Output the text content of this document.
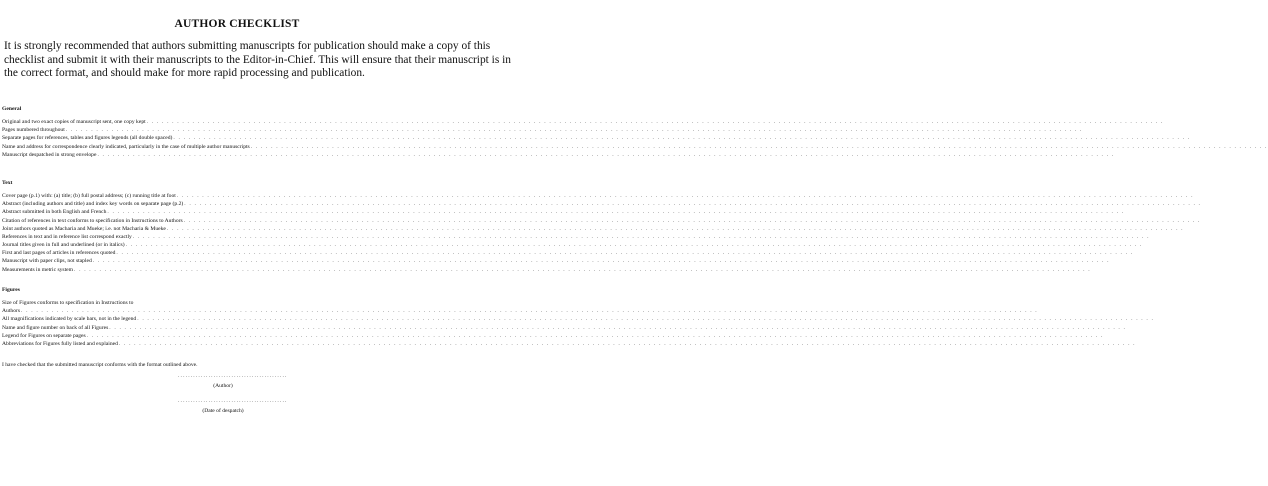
AUTHOR CHECKLIST
It is strongly recommended that authors submitting manuscripts for publication should make a copy of this
checklist and submit it with their manuscripts to the Editor-in-Chief. This will ensure that their manuscript is in
the correct format, and should make for more rapid processing and publication.
General
Original and two exact copies of manuscript sent, one copy kept . . . . . . . . . . . . . . . . . . . . . . . . . . . . . . . . . . . . . . . . . . . . . . . . . . . . . . . . . . . . . . . . . . . . . . . . . . . . . . . . . . . . . . . . . . . . . . . . . . . . . . . . . . . . . . . . . . . . . . . . . . . . . . . . . . . . . . . . . . . . . . . . . . . . . . . . . . . . . . . . . . . . . . . . . . . . . . . . . . . . . . . . . . . . . . . . . . . . . . . .
Pages numbered throughout . . . . . . . . . . . . . . . . . . . . . . . . . . . . . . . . . . . . . . . . . . . . . . . . . . . . . . . . . . . . . . . . . . . . . . . . . . . . . . . . . . . . . . . . . . . . . . . . . . . . . . . . . . . . . . . . . . . . . . . . . . . . . . . . . . . . . . . . . . . . . . . . . . . . . . . . . . . . . . . . . . . . . . . . . . . . . . . . . . . . . . . . . . . . . . . . . . . . . . . .
Separate pages for references, tables and figures legends (all double spaced) . . . . . . . . . . . . . . . . . . . . . . . . . . . . . . . . . . . . . . . . . . . . . . . . . . . . . . . . . . . . . . . . . . . . . . . . . . . . . . . . . . . . . . . . . . . . . . . . . . . . . . . . . . . . . . . . . . . . . . . . . . . . . . . . . . . . . . . . . . . . . . . . . . . . . . . . . . . . . . . . . . . . . . . . . . . . . . . . . . . . . . . . . . . . . . . . . . . . . . . .
Name and address for correspondence clearly indicated, particularly in the case of multiple author manuscripts . . . . . . . . . . . . . . . . . . . . . . . . . . . . . . . . . . . . . . . . . . . . . . . . . . . . . . . . . . . . . . . . . . . . . . . . . . . . . . . . . . . . . . . . . . . . . . . . . . . . . . . . . . . . . . . . . . . . . . . . . . . . . . . . . . . . . . . . . . . . . . . . . . . . . . . . . . . . . . . . . . . . . . . . . . . . . . . . . . . . . . . . . . . . . . . . . . . . . . . .
Manuscript despatched in strong envelope . . . . . . . . . . . . . . . . . . . . . . . . . . . . . . . . . . . . . . . . . . . . . . . . . . . . . . . . . . . . . . . . . . . . . . . . . . . . . . . . . . . . . . . . . . . . . . . . . . . . . . . . . . . . . . . . . . . . . . . . . . . . . . . . . . . . . . . . . . . . . . . . . . . . . . . . . . . . . . . . . . . . . . . . . . . . . . . . . . . . . . . . . . . . . . . . . . . . . . . .
Text
Cover page (p.1) with: (a) title; (b) full postal address; (c) running title at foot . . . . . . . . . . . . . . . . . . . . . . . . . . . . . . . . . . . . . . . . . . . . . . . . . . . . . . . . . . . . . . . . . . . . . . . . . . . . . . . . . . . . . . . . . . . . . . . . . . . . . . . . . . . . . . . . . . . . . . . . . . . . . . . . . . . . . . . . . . . . . . . . . . . . . . . . . . . . . . . . . . . . . . . . . . . . . . . . . . . . . . . . . . . . . . . . . . . . . . . .
Abstract (including authors and title) and index key words on separate page (p.2) . . . . . . . . . . . . . . . . . . . . . . . . . . . . . . . . . . . . . . . . . . . . . . . . . . . . . . . . . . . . . . . . . . . . . . . . . . . . . . . . . . . . . . . . . . . . . . . . . . . . . . . . . . . . . . . . . . . . . . . . . . . . . . . . . . . . . . . . . . . . . . . . . . . . . . . . . . . . . . . . . . . . . . . . . . . . . . . . . . . . . . . . . . . . . . . . . . . . . . . .
Abstract submitted in both English and French . . . . . . . . . . . . . . . . . . . . . . . . . . . . . . . . . . . . . . . . . . . . . . . . . . . . . . . . . . . . . . . . . . . . . . . . . . . . . . . . . . . . . . . . . . . . . . . . . . . . . . . . . . . . . . . . . . . . . . . . . . . . . . . . . . . . . . . . . . . . . . . . . . . . . . . . . . . . . . . . . . . . . . . . . . . . . . . . . . . . . . . . . . . . . . . . . . . . . . . .
Citation of references in text conforms to specification in Instructions to Authors . . . . . . . . . . . . . . . . . . . . . . . . . . . . . . . . . . . . . . . . . . . . . . . . . . . . . . . . . . . . . . . . . . . . . . . . . . . . . . . . . . . . . . . . . . . . . . . . . . . . . . . . . . . . . . . . . . . . . . . . . . . . . . . . . . . . . . . . . . . . . . . . . . . . . . . . . . . . . . . . . . . . . . . . . . . . . . . . . . . . . . . . . . . . . . . . . . . . . . . .
Joint authors quoted as Macharia and Mueke; i.e. not Macharia & Mueke . . . . . . . . . . . . . . . . . . . . . . . . . . . . . . . . . . . . . . . . . . . . . . . . . . . . . . . . . . . . . . . . . . . . . . . . . . . . . . . . . . . . . . . . . . . . . . . . . . . . . . . . . . . . . . . . . . . . . . . . . . . . . . . . . . . . . . . . . . . . . . . . . . . . . . . . . . . . . . . . . . . . . . . . . . . . . . . . . . . . . . . . . . . . . . . . . . . . . . . .
References in text and in reference list correspond exactly . . . . . . . . . . . . . . . . . . . . . . . . . . . . . . . . . . . . . . . . . . . . . . . . . . . . . . . . . . . . . . . . . . . . . . . . . . . . . . . . . . . . . . . . . . . . . . . . . . . . . . . . . . . . . . . . . . . . . . . . . . . . . . . . . . . . . . . . . . . . . . . . . . . . . . . . . . . . . . . . . . . . . . . . . . . . . . . . . . . . . . . . . . . . . . . . . . . . . . . .
Journal titles given in full and underlined (or in italics) . . . . . . . . . . . . . . . . . . . . . . . . . . . . . . . . . . . . . . . . . . . . . . . . . . . . . . . . . . . . . . . . . . . . . . . . . . . . . . . . . . . . . . . . . . . . . . . . . . . . . . . . . . . . . . . . . . . . . . . . . . . . . . . . . . . . . . . . . . . . . . . . . . . . . . . . . . . . . . . . . . . . . . . . . . . . . . . . . . . . . . . . . . . . . . . . . . . . . . . .
First and last pages of articles in references quoted . . . . . . . . . . . . . . . . . . . . . . . . . . . . . . . . . . . . . . . . . . . . . . . . . . . . . . . . . . . . . . . . . . . . . . . . . . . . . . . . . . . . . . . . . . . . . . . . . . . . . . . . . . . . . . . . . . . . . . . . . . . . . . . . . . . . . . . . . . . . . . . . . . . . . . . . . . . . . . . . . . . . . . . . . . . . . . . . . . . . . . . . . . . . . . . . . . . . . . . .
Manuscript with paper clips, not stapled . . . . . . . . . . . . . . . . . . . . . . . . . . . . . . . . . . . . . . . . . . . . . . . . . . . . . . . . . . . . . . . . . . . . . . . . . . . . . . . . . . . . . . . . . . . . . . . . . . . . . . . . . . . . . . . . . . . . . . . . . . . . . . . . . . . . . . . . . . . . . . . . . . . . . . . . . . . . . . . . . . . . . . . . . . . . . . . . . . . . . . . . . . . . . . . . . . . . . . . .
Measurements in metric system . . . . . . . . . . . . . . . . . . . . . . . . . . . . . . . . . . . . . . . . . . . . . . . . . . . . . . . . . . . . . . . . . . . . . . . . . . . . . . . . . . . . . . . . . . . . . . . . . . . . . . . . . . . . . . . . . . . . . . . . . . . . . . . . . . . . . . . . . . . . . . . . . . . . . . . . . . . . . . . . . . . . . . . . . . . . . . . . . . . . . . . . . . . . . . . . . . . . . . . .
Figures
Size of Figures conforms to specification in Instructions to
Authors . . . . . . . . . . . . . . . . . . . . . . . . . . . . . . . . . . . . . . . . . . . . . . . . . . . . . . . . . . . . . . . . . . . . . . . . . . . . . . . . . . . . . . . . . . . . . . . . . . . . . . . . . . . . . . . . . . . . . . . . . . . . . . . . . . . . . . . . . . . . . . . . . . . . . . . . . . . . . . . . . . . . . . . . . . . . . . . . . . . . . . . . . . . . . . . . . . . . . . . .
All magnifications indicated by scale bars, not in the legend . . . . . . . . . . . . . . . . . . . . . . . . . . . . . . . . . . . . . . . . . . . . . . . . . . . . . . . . . . . . . . . . . . . . . . . . . . . . . . . . . . . . . . . . . . . . . . . . . . . . . . . . . . . . . . . . . . . . . . . . . . . . . . . . . . . . . . . . . . . . . . . . . . . . . . . . . . . . . . . . . . . . . . . . . . . . . . . . . . . . . . . . . . . . . . . . . . . . . . . .
Name and figure number on back of all Figures . . . . . . . . . . . . . . . . . . . . . . . . . . . . . . . . . . . . . . . . . . . . . . . . . . . . . . . . . . . . . . . . . . . . . . . . . . . . . . . . . . . . . . . . . . . . . . . . . . . . . . . . . . . . . . . . . . . . . . . . . . . . . . . . . . . . . . . . . . . . . . . . . . . . . . . . . . . . . . . . . . . . . . . . . . . . . . . . . . . . . . . . . . . . . . . . . . . . . . . .
Legend for Figures on separate pages . . . . . . . . . . . . . . . . . . . . . . . . . . . . . . . . . . . . . . . . . . . . . . . . . . . . . . . . . . . . . . . . . . . . . . . . . . . . . . . . . . . . . . . . . . . . . . . . . . . . . . . . . . . . . . . . . . . . . . . . . . . . . . . . . . . . . . . . . . . . . . . . . . . . . . . . . . . . . . . . . . . . . . . . . . . . . . . . . . . . . . . . . . . . . . . . . . . . . . . .
Abbreviations for Figures fully listed and explained . . . . . . . . . . . . . . . . . . . . . . . . . . . . . . . . . . . . . . . . . . . . . . . . . . . . . . . . . . . . . . . . . . . . . . . . . . . . . . . . . . . . . . . . . . . . . . . . . . . . . . . . . . . . . . . . . . . . . . . . . . . . . . . . . . . . . . . . . . . . . . . . . . . . . . . . . . . . . . . . . . . . . . . . . . . . . . . . . . . . . . . . . . . . . . . . . . . . . . . .
I have checked that the submitted manuscript conforms with the format outlined above.
...........................................
(Author)
...........................................
(Date of despatch)
